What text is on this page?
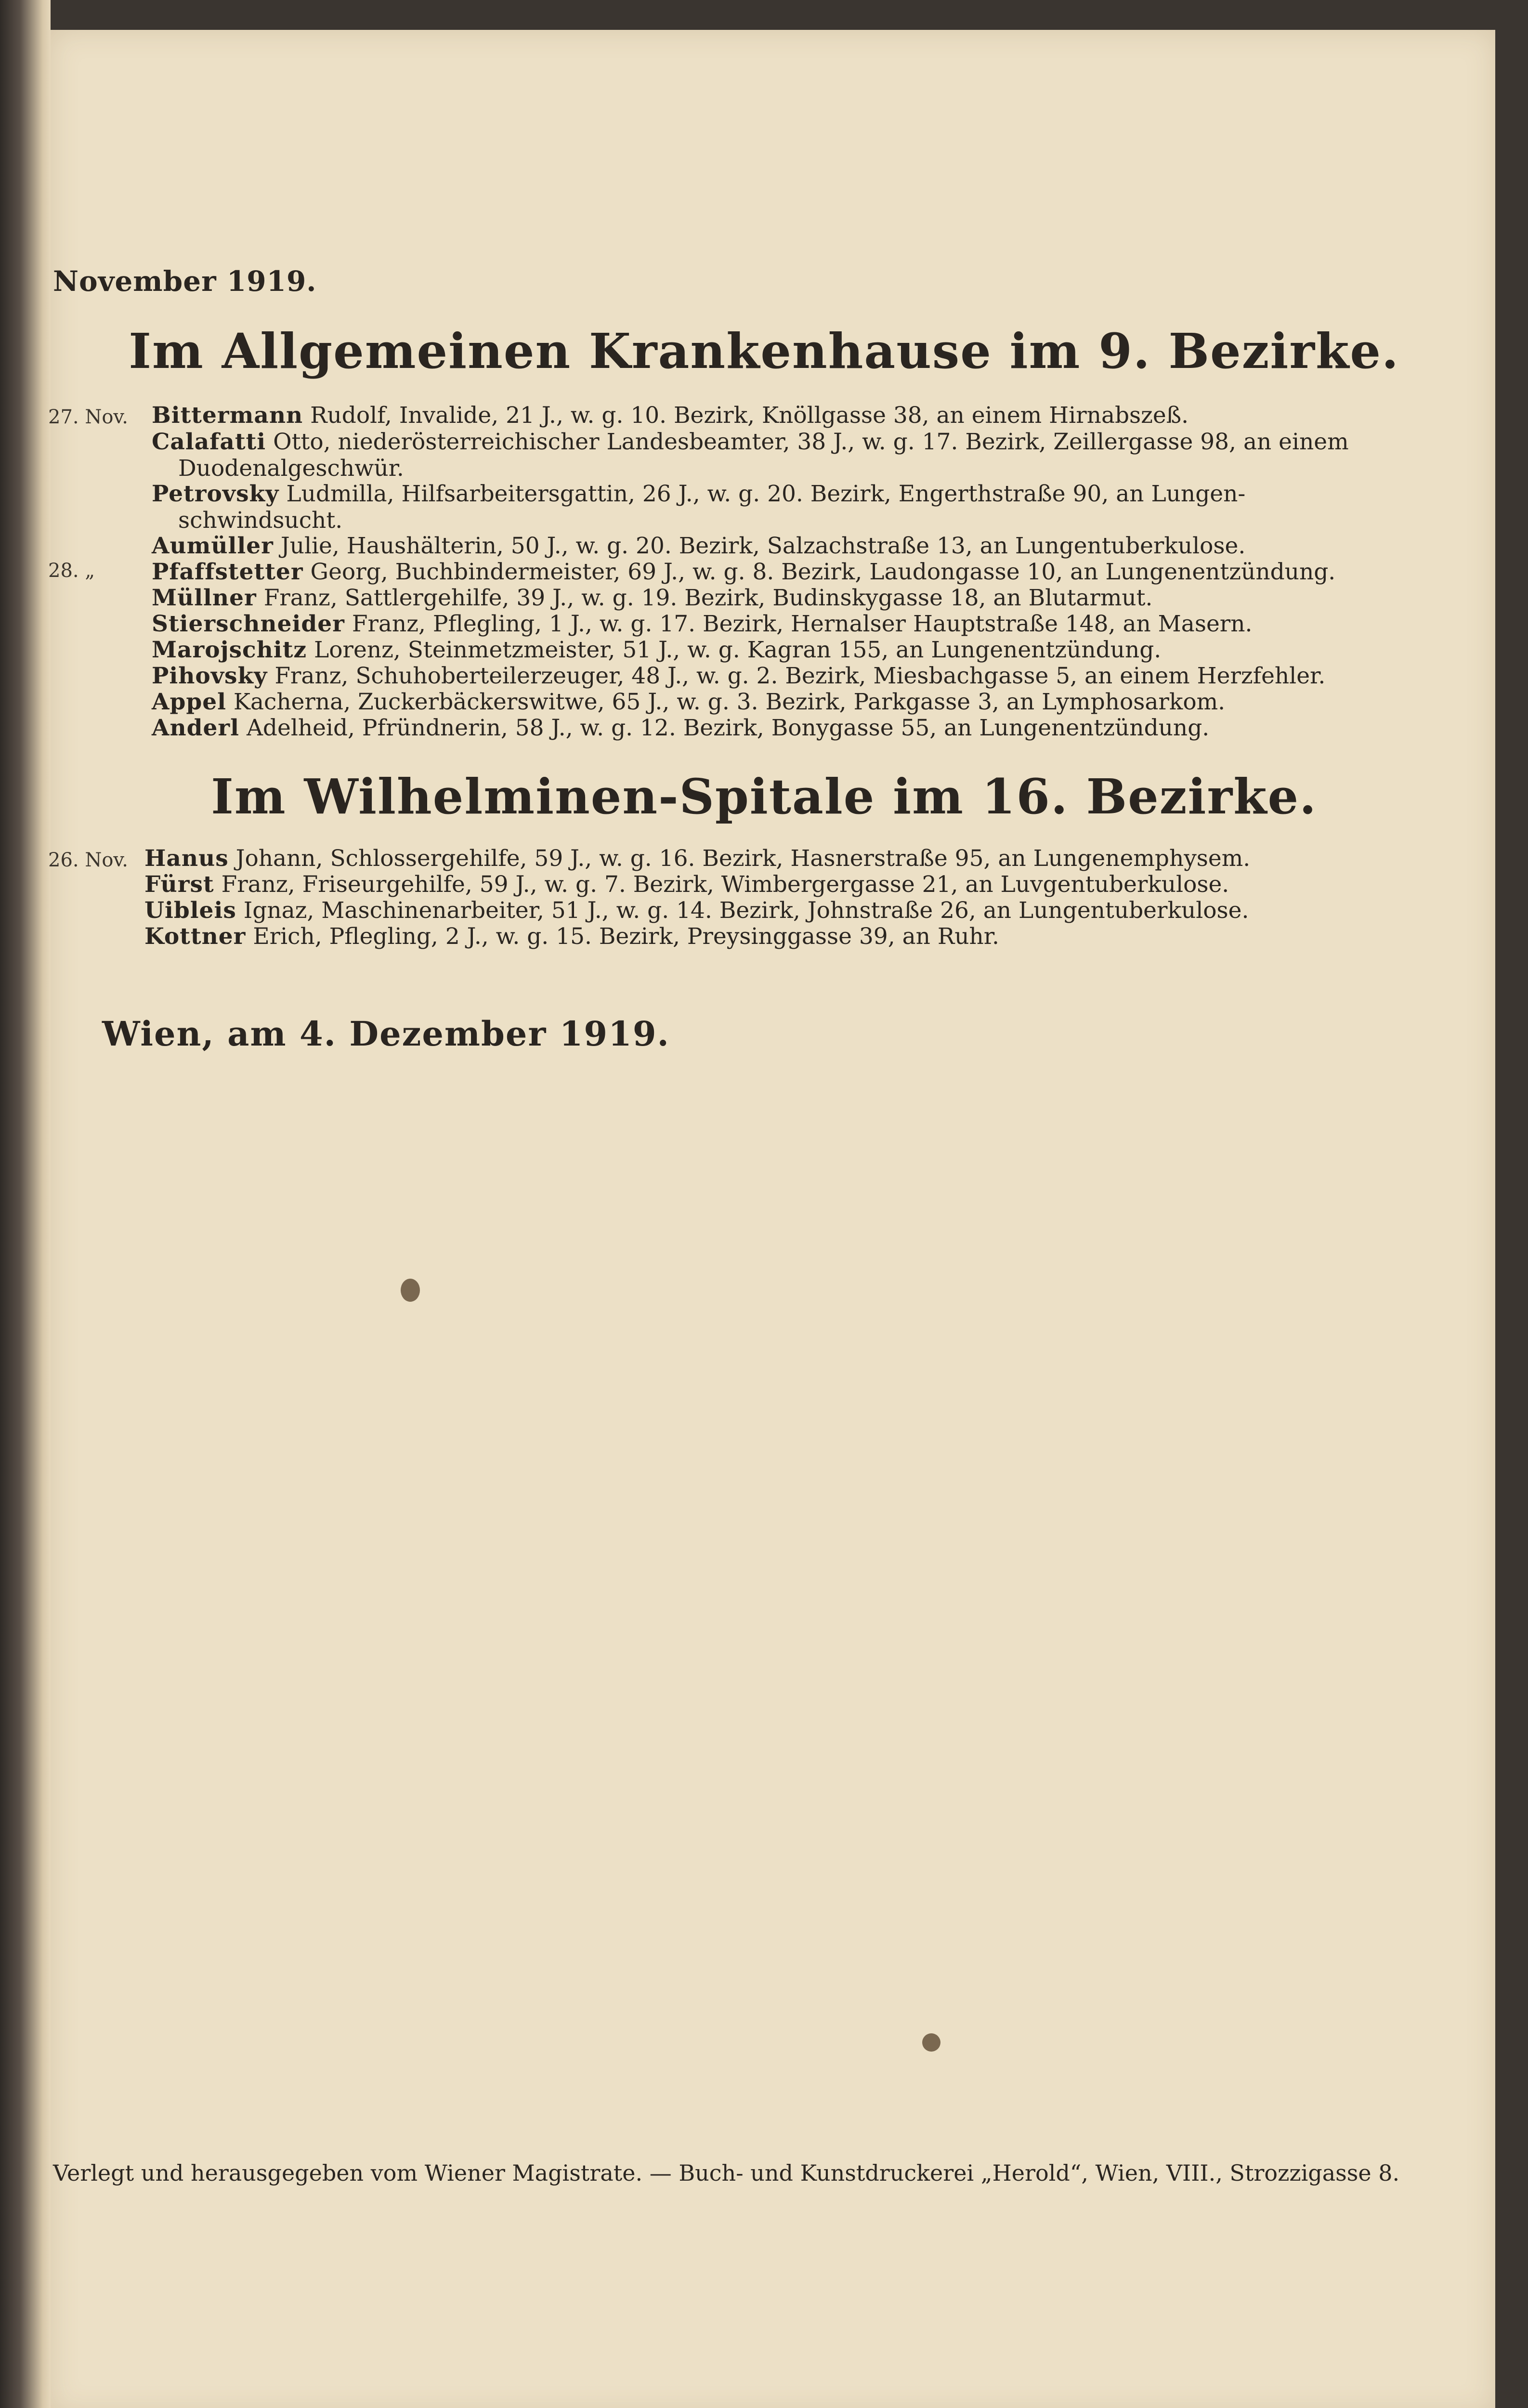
November 1919.
Im Allgemeinen Krankenhause im 9. Bezirke.
27. Nov.
28. „
Bittermann Rudolf, Invalide, 21 J., w. g. 10. Bezirk, Knöllgasse 38, an einem Hirnabszeß.
Calafatti Otto, niederösterreichischer Landesbeamter, 38 J., w. g. 17. Bezirk, Zeillergasse 98, an einem
Duodenalgeschwür.
Petrovsky Ludmilla, Hilfsarbeitersgattin, 26 J., w. g. 20. Bezirk, Engerthstraße 90, an Lungen-
schwindsucht.
Aumüller Julie, Haushälterin, 50 J., w. g. 20. Bezirk, Salzachstraße 13, an Lungentuberkulose.
Pfaffstetter Georg, Buchbindermeister, 69 J., w. g. 8. Bezirk, Laudongasse 10, an Lungenentzündung.
Müllner Franz, Sattlergehilfe, 39 J., w. g. 19. Bezirk, Budinskygasse 18, an Blutarmut.
Stierschneider Franz, Pflegling, 1 J., w. g. 17. Bezirk, Hernalser Hauptstraße 148, an Masern.
Marojschitz Lorenz, Steinmetzmeister, 51 J., w. g. Kagran 155, an Lungenentzündung.
Pihovsky Franz, Schuhoberteilerzeuger, 48 J., w. g. 2. Bezirk, Miesbachgasse 5, an einem Herzfehler.
Appel Kacherna, Zuckerbäckerswitwe, 65 J., w. g. 3. Bezirk, Parkgasse 3, an Lymphosarkom.
Anderl Adelheid, Pfründnerin, 58 J., w. g. 12. Bezirk, Bonygasse 55, an Lungenentzündung.
Im Wilhelminen-Spitale im 16. Bezirke.
26. Nov. Hanus Johann, Schlossergehilfe, 59 J., w. g. 16. Bezirk, Hasnerstraße 95, an Lungenemphysem.
Fürst Franz, Friseurgehilfe, 59 J., w. g. 7. Bezirk, Wimbergergasse 21, an Luvgentuberkulose.
Uibleis Ignaz, Maschinenarbeiter, 51 J., w. g. 14. Bezirk, Johnstraße 26, an Lungentuberkulose.
Kottner Erich, Pflegling, 2 J., w. g. 15. Bezirk, Preysinggasse 39, an Ruhr.
Wien, am 4. Dezember 1919.
Verlegt und herausgegeben vom Wiener Magistrate. — Buch- und Kunstdruckerei „Herold“, Wien, VIII., Strozzigasse 8.
